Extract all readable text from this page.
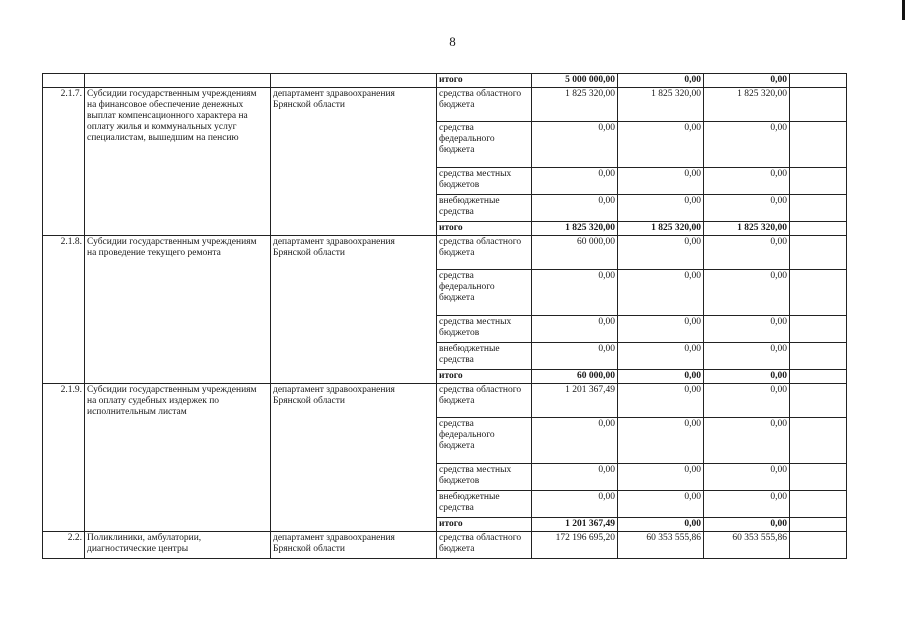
8
			итого	5 000 000,00	0,00	0,00	
2.1.7.	Субсидии государственным учреждениям на финансовое обеспечение денежных выплат компенсационного характера на оплату жилья и коммунальных услуг специалистам, вышедшим на пенсию	департамент здравоохранения Брянской области	средства областного бюджета	1 825 320,00	1 825 320,00	1 825 320,00	
			средства федерального бюджета	0,00	0,00	0,00	
			средства местных бюджетов	0,00	0,00	0,00	
			внебюджетные средства	0,00	0,00	0,00	
			итого	1 825 320,00	1 825 320,00	1 825 320,00	
2.1.8.	Субсидии государственным учреждениям на проведение текущего ремонта	департамент здравоохранения Брянской области	средства областного бюджета	60 000,00	0,00	0,00	
			средства федерального бюджета	0,00	0,00	0,00	
			средства местных бюджетов	0,00	0,00	0,00	
			внебюджетные средства	0,00	0,00	0,00	
			итого	60 000,00	0,00	0,00	
2.1.9.	Субсидии государственным учреждениям на оплату судебных издержек по исполнительным листам	департамент здравоохранения Брянской области	средства областного бюджета	1 201 367,49	0,00	0,00	
			средства федерального бюджета	0,00	0,00	0,00	
			средства местных бюджетов	0,00	0,00	0,00	
			внебюджетные средства	0,00	0,00	0,00	
			итого	1 201 367,49	0,00	0,00	
2.2.	Поликлиники, амбулатории, диагностические центры	департамент здравоохранения Брянской области	средства областного бюджета	172 196 695,20	60 353 555,86	60 353 555,86	
